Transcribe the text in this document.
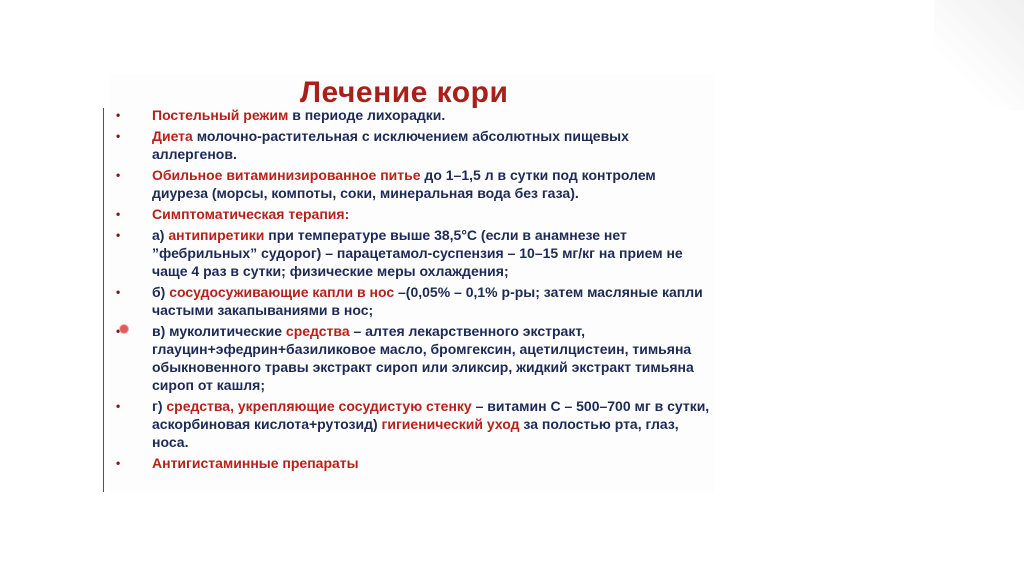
Лечение кори
• Постельный режим в периоде лихорадки.
• Диета молочно-растительная с исключением абсолютных пищевых аллергенов.
• Обильное витаминизированное питье до 1–1,5 л в сутки под контролем диуреза (морсы, компоты, соки, минеральная вода без газа).
• Симптоматическая терапия:
• а) антипиретики при температуре выше 38,5°С (если в анамнезе нет ”фебрильных” судорог) – парацетамол-суспензия – 10–15 мг/кг на прием не чаще 4 раз в сутки; физические меры охлаждения;
• б) сосудосуживающие капли в нос –(0,05% – 0,1% р-ры; затем масляные капли частыми закапываниями в нос;
• в) муколитические средства – алтея лекарственного экстракт, глауцин+эфедрин+базиликовое масло, бромгексин, ацетилцистеин, тимьяна обыкновенного травы экстракт сироп или эликсир, жидкий экстракт тимьяна сироп от кашля;
• г) средства, укрепляющие сосудистую стенку – витамин С – 500–700 мг в сутки, аскорбиновая кислота+рутозид) гигиенический уход за полостью рта, глаз, носа.
• Антигистаминные препараты
